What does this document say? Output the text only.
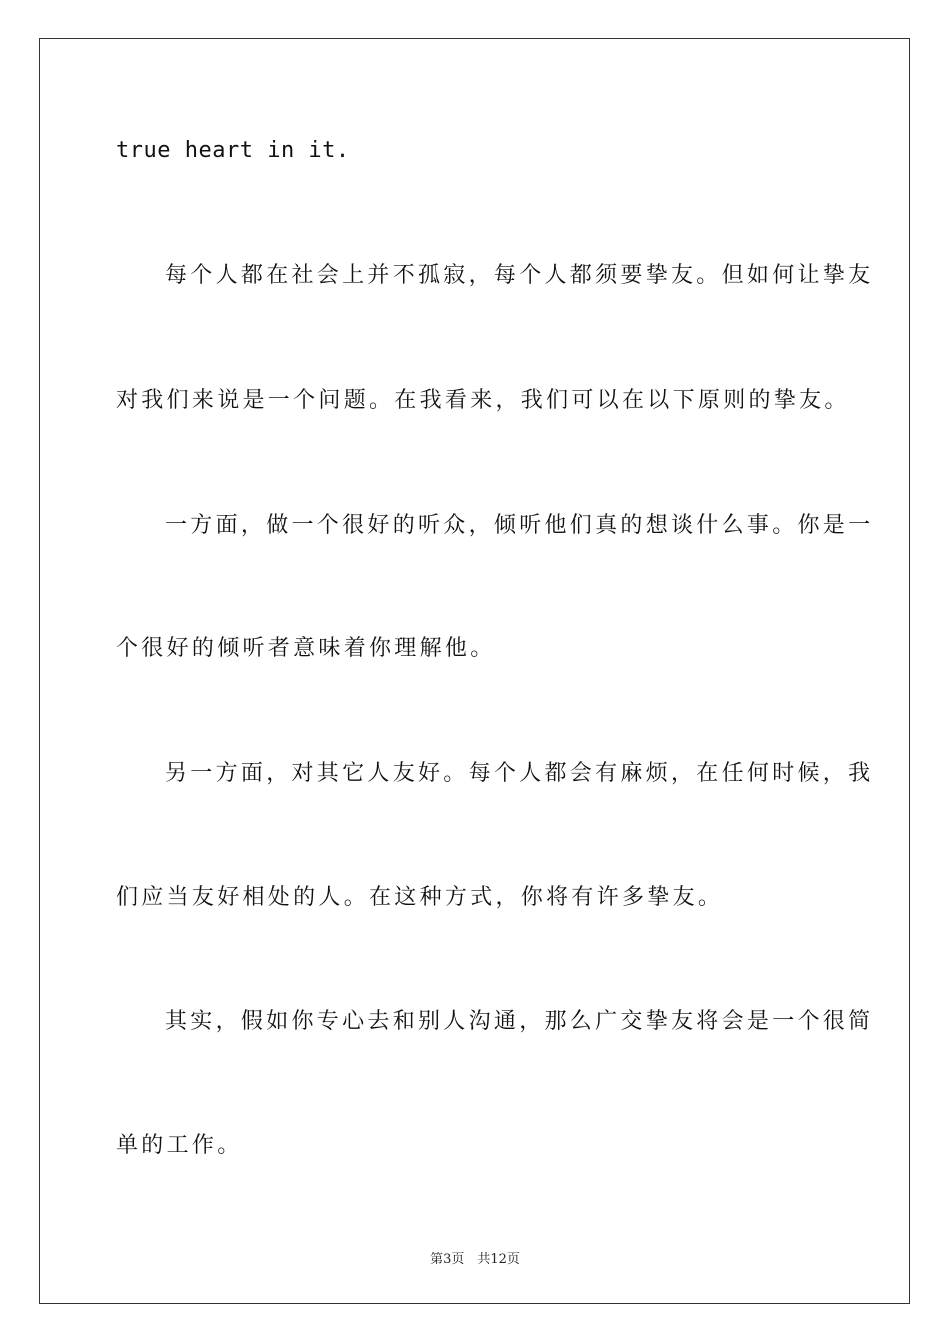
true heart in it.
每个人都在社会上并不孤寂，每个人都须要挚友。但如何让挚友
对我们来说是一个问题。在我看来，我们可以在以下原则的挚友。
一方面，做一个很好的听众，倾听他们真的想谈什么事。你是一
个很好的倾听者意味着你理解他。
另一方面，对其它人友好。每个人都会有麻烦，在任何时候，我
们应当友好相处的人。在这种方式，你将有许多挚友。
其实，假如你专心去和别人沟通，那么广交挚友将会是一个很简
单的工作。
第3页　共12页
